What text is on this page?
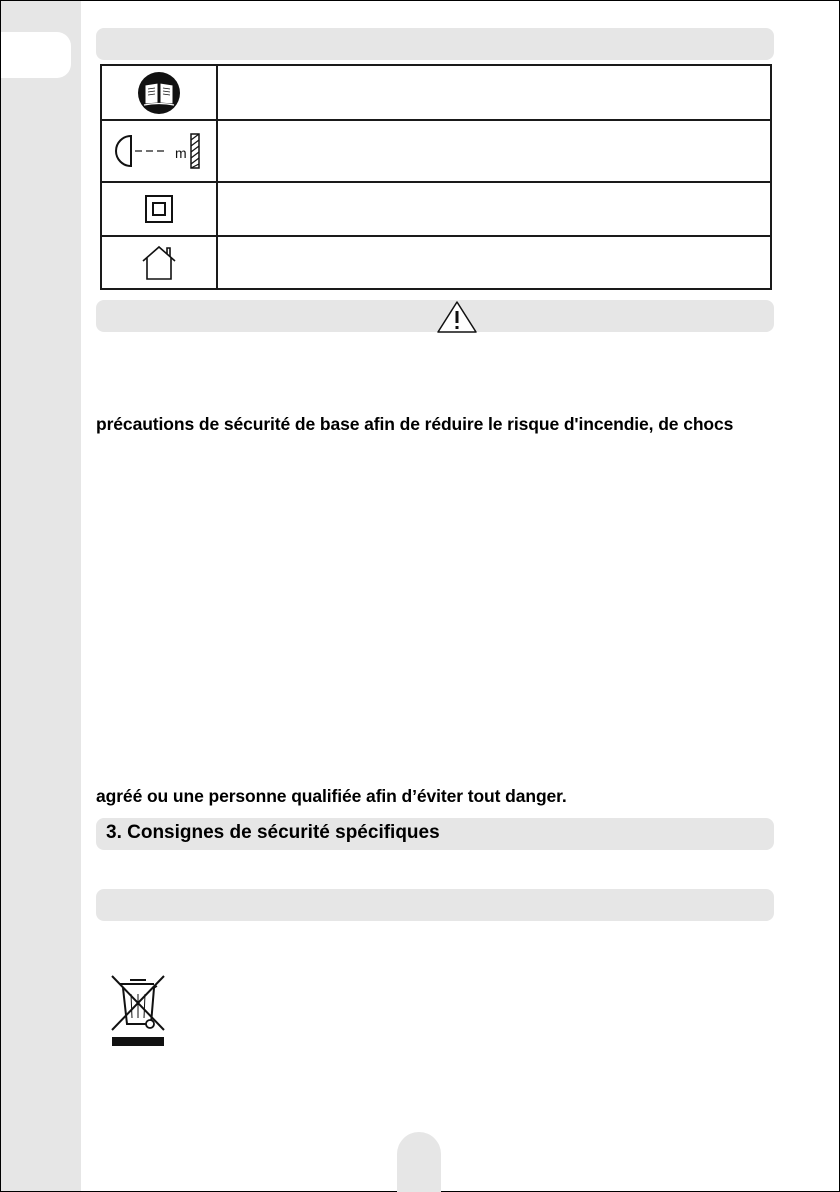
m
précautions de sécurité de base afin de réduire le risque d'incendie, de chocs
agréé ou une personne qualifiée afin d’éviter tout danger.
3. Consignes de sécurité spécifiques
